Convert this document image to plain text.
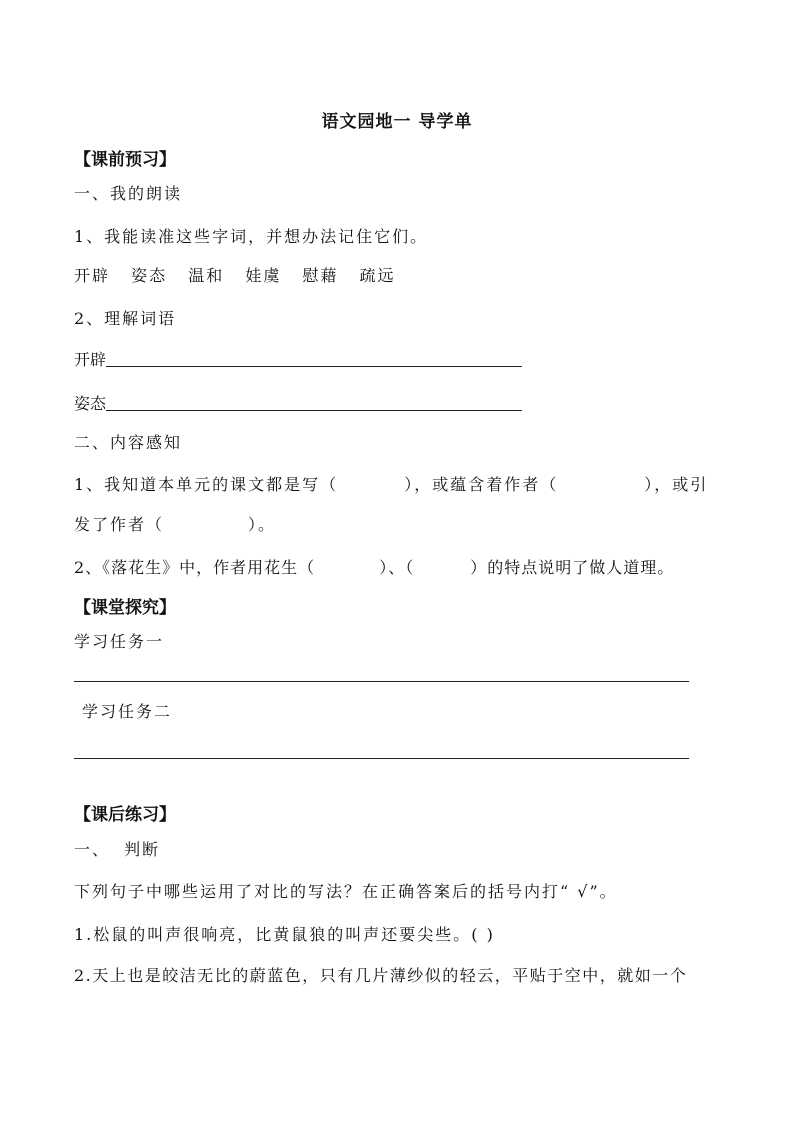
语文园地一 导学单
【课前预习】
一、我的朗读
1、我能读准这些字词，并想办法记住它们。
开辟 姿态 温和 娃虞 慰藉 疏远
2、理解词语
开辟
姿态
二、内容感知
1、我知道本单元的课文都是写（	），或蕴含着作者（	），或引
发了作者（	）。
2、《落花生》中，作者用花生（	）、（	）的特点说明了做人道理。
【课堂探究】
学习任务一
学习任务二
【课后练习】
一、  判断
下列句子中哪些运用了对比的写法？在正确答案后的括号内打“ √”。
1.松鼠的叫声很响亮，比黄鼠狼的叫声还要尖些。( )
2.天上也是皎洁无比的蔚蓝色，只有几片薄纱似的轻云，平贴于空中，就如一个
